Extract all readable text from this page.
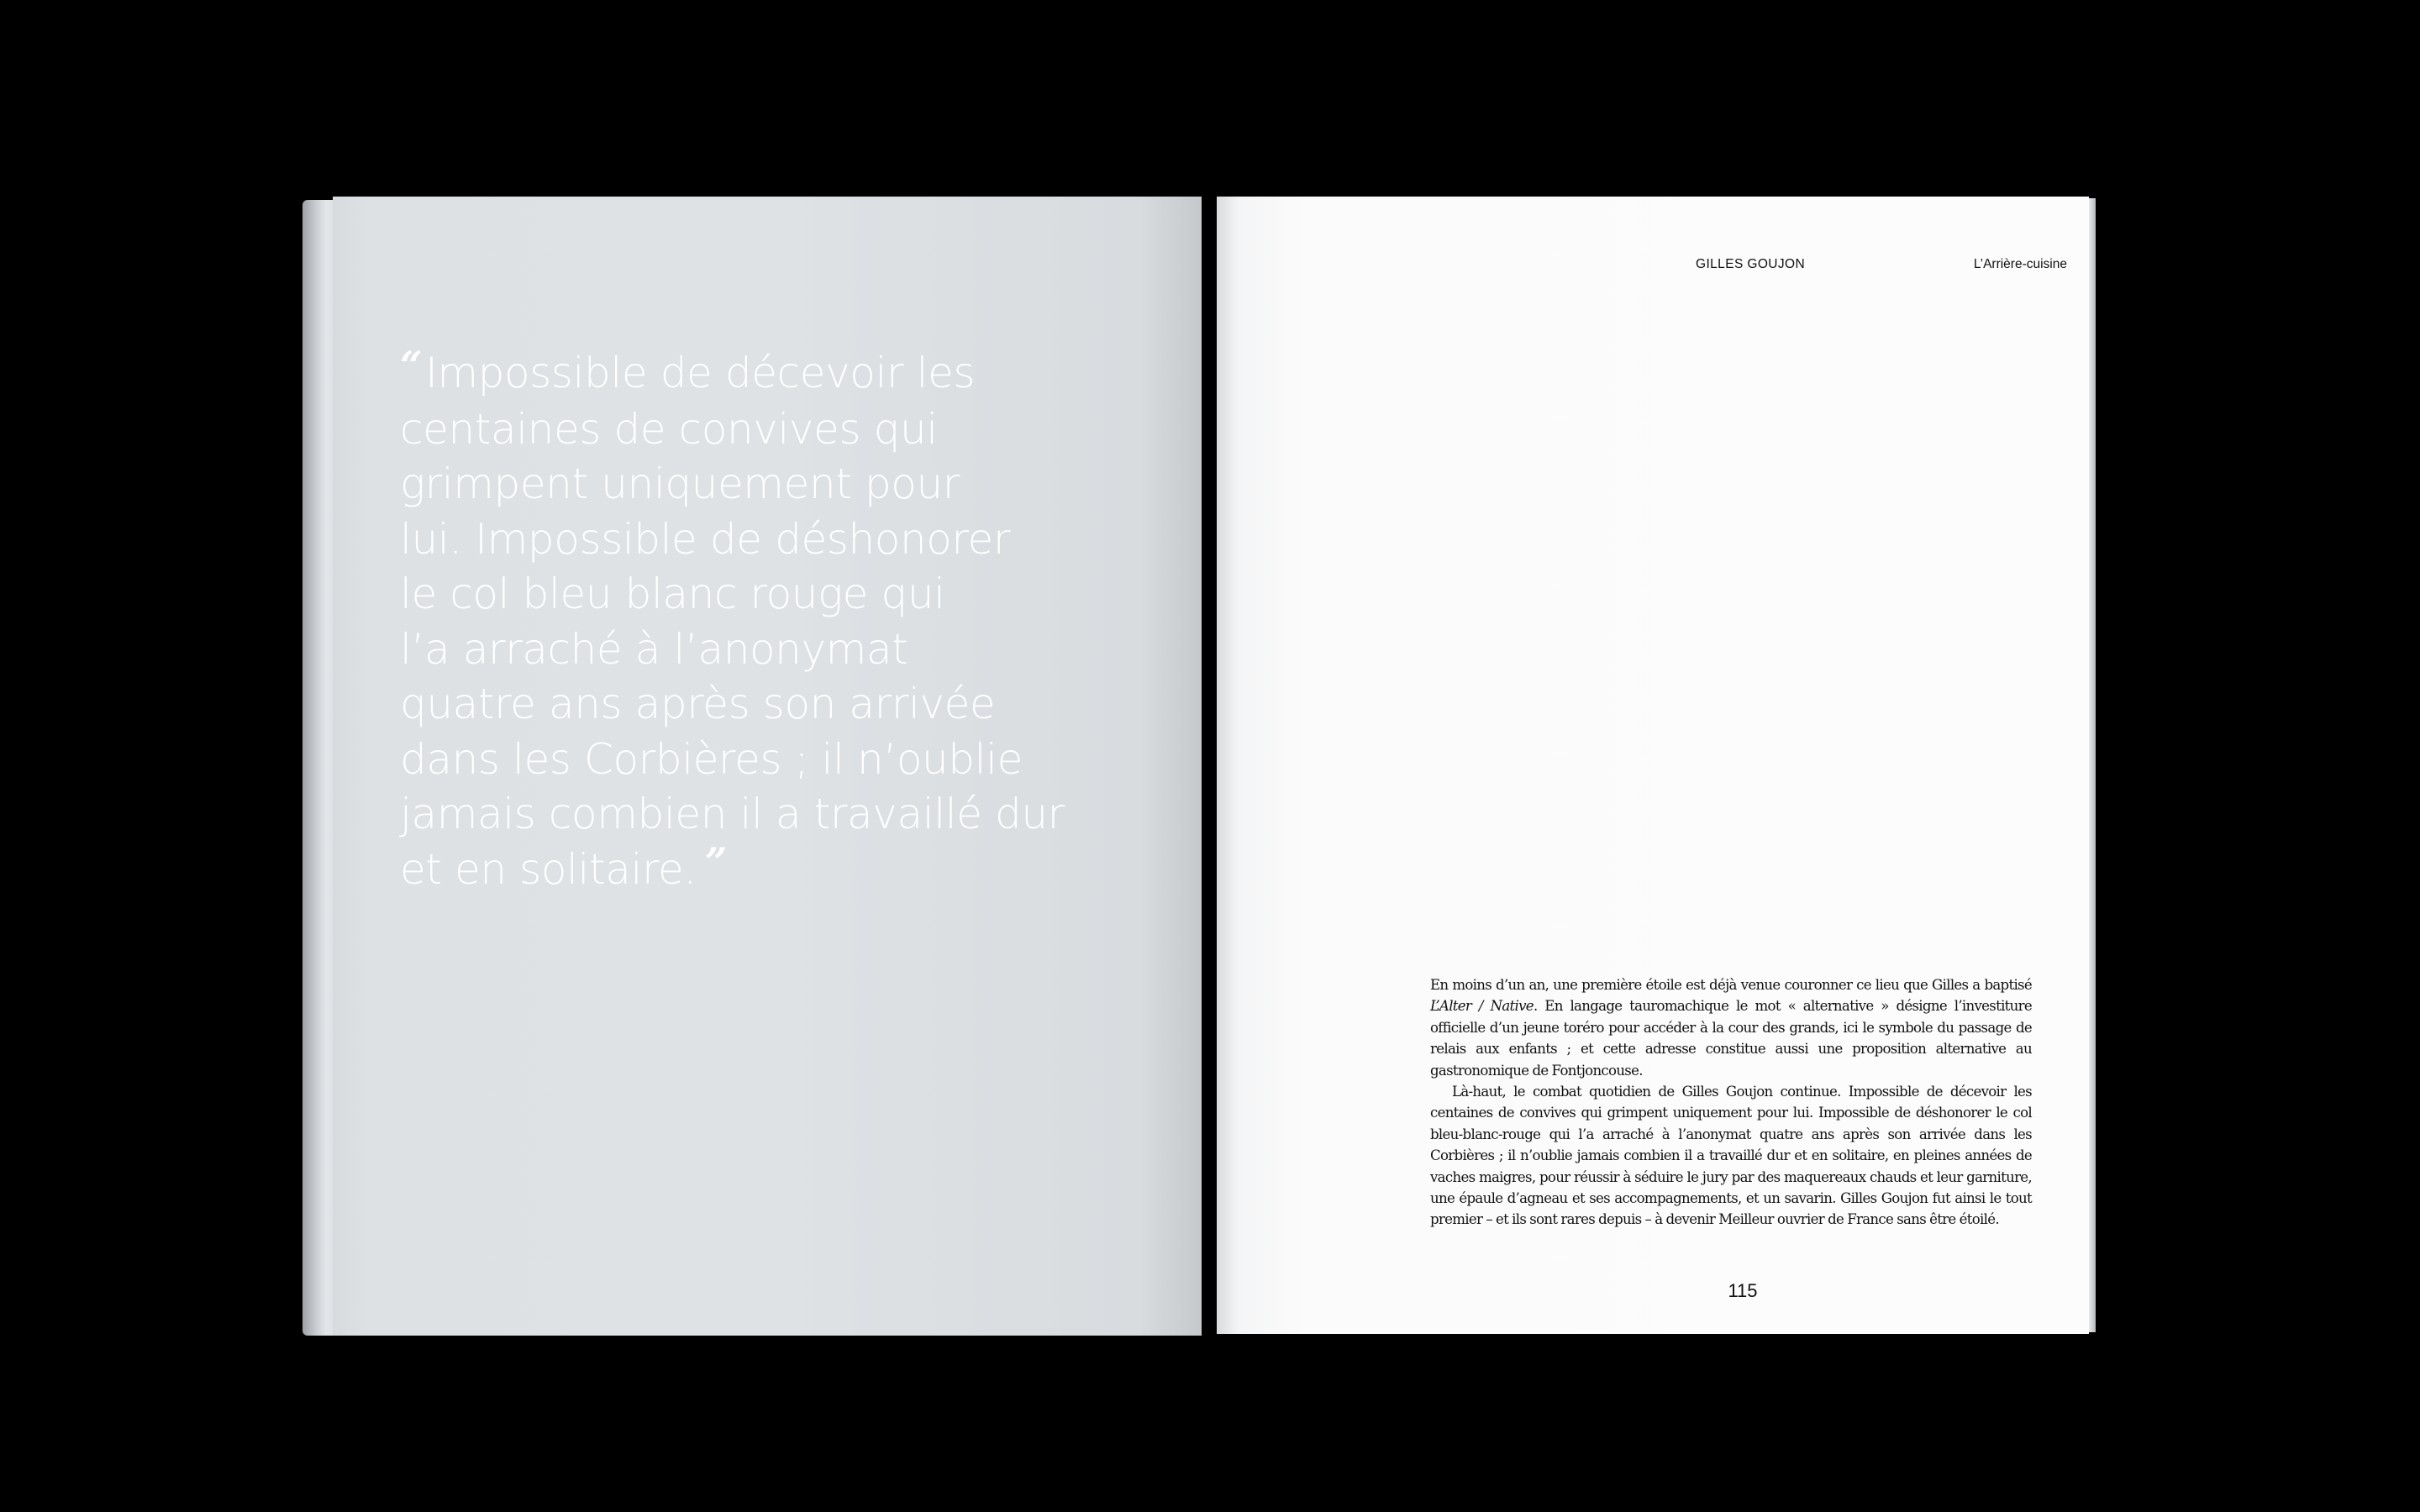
“Impossible de décevoir les
centaines de convives qui
grimpent uniquement pour
lui. Impossible de déshonorer
le col bleu blanc rouge qui
l’a arraché à l’anonymat
quatre ans après son arrivée
dans les Corbières ; il n’oublie
jamais combien il a travaillé dur
et en solitaire. ”

GILLES GOUJON	L’Arrière-cuisine

En moins d’un an, une première étoile est déjà venue couronner ce lieu que Gilles a baptisé L’Alter / Native. En langage tauromachique le mot « alternative » désigne l’investiture officielle d’un jeune toréro pour accéder à la cour des grands, ici le symbole du passage de relais aux enfants ; et cette adresse constitue aussi une proposition alternative au gastronomique de Fontjoncouse.

Là-haut, le combat quotidien de Gilles Goujon continue. Impossible de décevoir les centaines de convives qui grimpent uniquement pour lui. Impossible de déshonorer le col bleu-blanc-rouge qui l’a arraché à l’anonymat quatre ans après son arrivée dans les Corbières ; il n’oublie jamais combien il a travaillé dur et en solitaire, en pleines années de vaches maigres, pour réussir à séduire le jury par des maquereaux chauds et leur garniture, une épaule d’agneau et ses accompagnements, et un savarin. Gilles Goujon fut ainsi le tout premier – et ils sont rares depuis – à devenir Meilleur ouvrier de France sans être étoilé.

115
